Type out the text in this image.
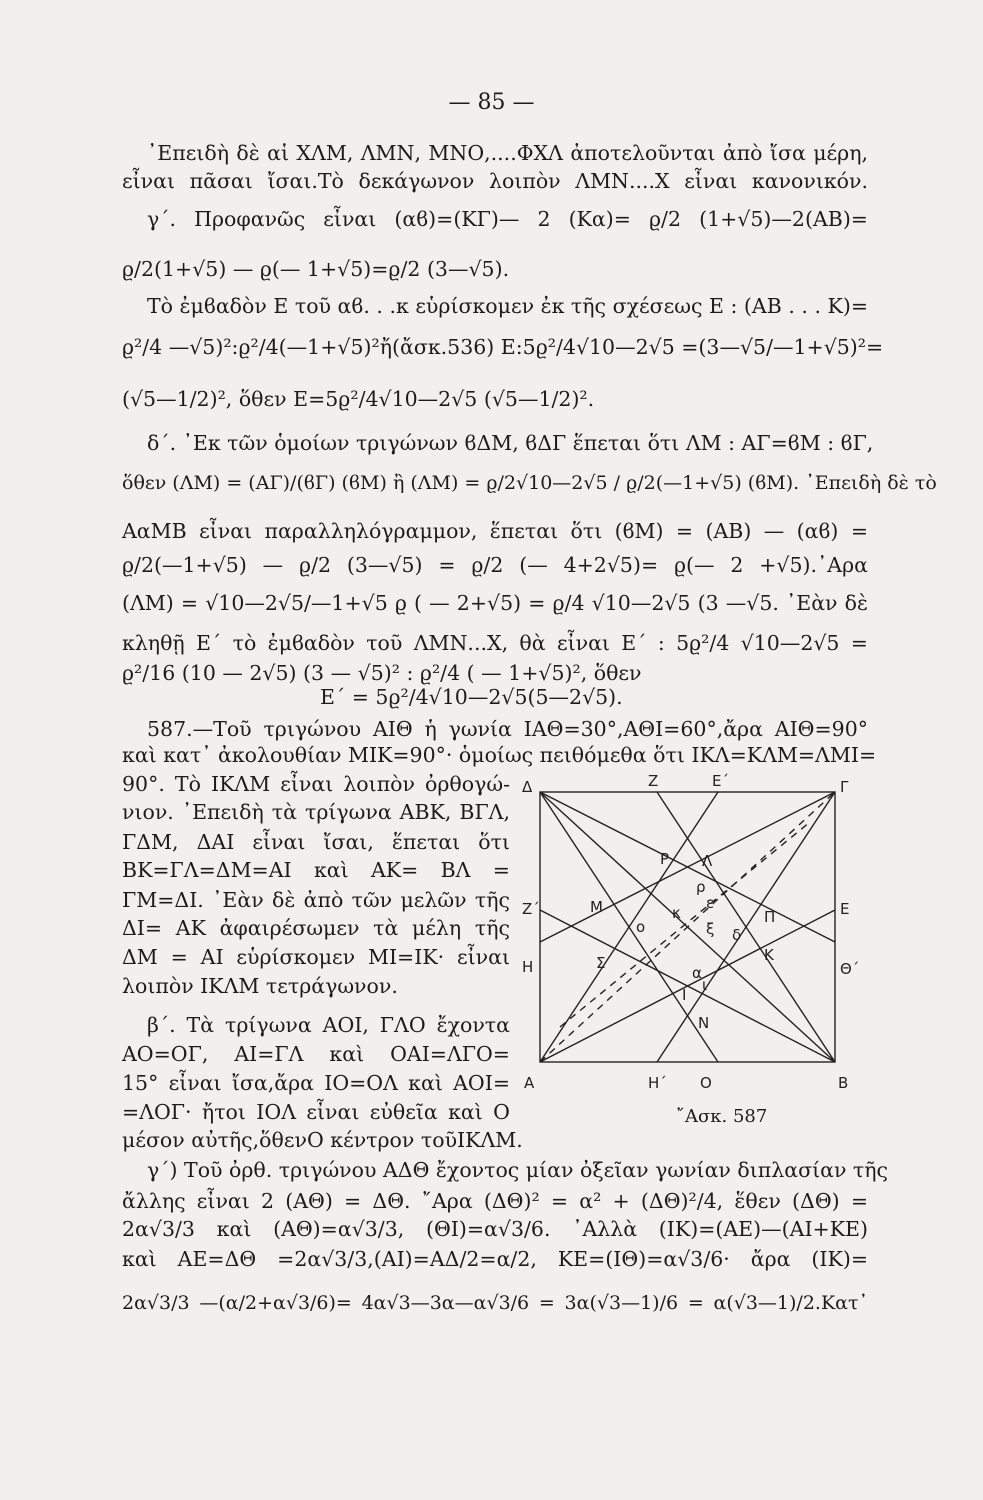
— 85 —
᾿Επειδὴ δὲ αἱ ΧΛΜ, ΛΜΝ, ΜΝΟ,....ΦΧΛ ἀποτελοῦνται ἀπὸ ἴσα μέρη,
εἶναι πᾶσαι ἴσαι.Τὸ δεκάγωνον λοιπὸν ΛΜΝ....Χ εἶναι κανονικόν.
γ΄. Προφανῶς εἶναι (αϐ)=(ΚΓ)— 2 (Κα)= ϱ/2 (1+√5)—2(ΑΒ)=
ϱ/2(1+√5) — ϱ(— 1+√5)=ϱ/2 (3—√5).
Τὸ ἐμϐαδὸν Ε τοῦ αϐ. . .κ εὑρίσκομεν ἐκ τῆς σχέσεως Ε : (ΑΒ . . . Κ)=
ϱ²/4 —√5)²:ϱ²/4(—1+√5)²ἤ(ἄσκ.536) Ε:5ϱ²/4√10—2√5 =(3—√5/—1+√5)²=
(√5—1/2)², ὅθεν Ε=5ϱ²/4√10—2√5 (√5—1/2)².
δ΄. ᾿Εκ τῶν ὁμοίων τριγώνων ϐΔΜ, ϐΔΓ ἕπεται ὅτι ΛΜ : ΑΓ=ϐΜ : ϐΓ,
ὅθεν (ΛΜ) = (ΑΓ)/(ϐΓ) (ϐΜ) ἢ (ΛΜ) = ϱ/2√10—2√5 / ϱ/2(—1+√5) (ϐΜ). ᾿Επειδὴ δὲ τὸ
ΑαΜΒ εἶναι παραλληλόγραμμον, ἕπεται ὅτι (ϐΜ) = (ΑΒ) — (αϐ) =
ϱ/2(—1+√5) — ϱ/2 (3—√5) = ϱ/2 (— 4+2√5)= ϱ(— 2 +√5).᾿Αρα
(ΛΜ) = √10—2√5/—1+√5 ϱ ( — 2+√5) = ϱ/4 √10—2√5 (3 —√5. ᾿Εὰν δὲ
κληθῇ Ε΄ τὸ ἐμϐαδὸν τοῦ ΛΜΝ...Χ, θὰ εἶναι Ε΄ : 5ϱ²/4 √10—2√5 =
ϱ²/16 (10 — 2√5) (3 — √5)² : ϱ²/4 ( — 1+√5)², ὅθεν
Ε΄ = 5ϱ²/4√10—2√5(5—2√5).
587.—Τοῦ τριγώνου ΑΙΘ ἡ γωνία ΙΑΘ=30°,ΑΘΙ=60°,ἄρα ΑΙΘ=90°
καὶ κατ᾿ ἀκολουθίαν ΜΙΚ=90°· ὁμοίως πειθόμεθα ὅτι ΙΚΛ=ΚΛΜ=ΛΜΙ=
90°. Τὸ ΙΚΛΜ εἶναι λοιπὸν ὀρθογώ-
νιον. ᾿Επειδὴ τὰ τρίγωνα ΑΒΚ, ΒΓΛ,
ΓΔΜ, ΔΑΙ εἶναι ἴσαι, ἕπεται ὅτι
ΒΚ=ΓΛ=ΔΜ=ΑΙ καὶ ΑΚ= ΒΛ =
ΓΜ=ΔΙ. ᾿Εὰν δὲ ἀπὸ τῶν μελῶν τῆς
ΔΙ= ΑΚ ἀφαιρέσωμεν τὰ μέλη τῆς
ΔΜ = ΑΙ εὑρίσκομεν ΜΙ=ΙΚ· εἶναι
λοιπὸν ΙΚΛΜ τετράγωνον.
β΄. Τὰ τρίγωνα ΑΟΙ, ΓΛΟ ἔχοντα
ΑΟ=ΟΓ, ΑΙ=ΓΛ καὶ ΟΑΙ=ΛΓΟ=
15° εἶναι ἴσα,ἄρα ΙΟ=ΟΛ καὶ ΑΟΙ=
=ΛΟΓ· ἤτοι ΙΟΛ εἶναι εὐθεῖα καὶ Ο
μέσον αὐτῆς,ὅθενΟ κέντρον τοῦΙΚΛΜ.
γ΄) Τοῦ ὀρθ. τριγώνου ΑΔΘ ἔχοντος μίαν ὀξεῖαν γωνίαν διπλασίαν τῆς
ἄλλης εἶναι 2 (ΑΘ) = ΔΘ. ῎Αρα (ΔΘ)² = α² + (ΔΘ)²/4, ἕθεν (ΔΘ) =
2α√3/3 καὶ (ΑΘ)=α√3/3, (ΘΙ)=α√3/6. ᾿Αλλὰ (ΙΚ)=(ΑΕ)—(ΑΙ+ΚΕ)
καὶ ΑΕ=ΔΘ =2α√3/3,(ΑΙ)=ΑΔ/2=α/2, ΚΕ=(ΙΘ)=α√3/6· ἄρα (ΙΚ)=
2α√3/3 —(α/2+α√3/6)= 4α√3—3α—α√3/6 = 3α(√3—1)/6 = α(√3—1)/2.Κατ᾿
Δ	Ζ	Ε΄	Γ
Ρ Λ
Ζ΄	Μ	Ε
Η	Σ	Κ
Θ΄
Ι
Ν
Α	Η΄ Ο	Β
Π
ο	δ
ε
α
ξ
ρ
κ
ι
῎Ασκ. 587
